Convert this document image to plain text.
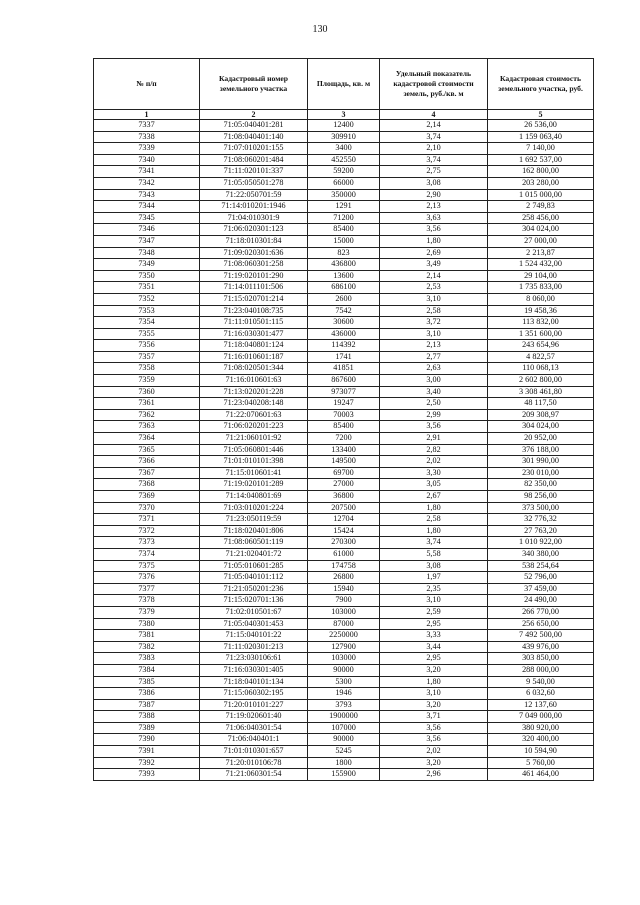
130
№ п/п	Кадастровый номер земельного участка	Площадь, кв. м	Удельный показатель кадастровой стоимости земель, руб./кв. м	Кадастровая стоимость земельного участка, руб.
1	2	3	4	5
7337	71:05:040401:281	12400	2,14	26 536,00
7338	71:08:040401:140	309910	3,74	1 159 063,40
7339	71:07:010201:155	3400	2,10	7 140,00
7340	71:08:060201:484	452550	3,74	1 692 537,00
7341	71:11:020101:337	59200	2,75	162 800,00
7342	71:05:050501:278	66000	3,08	203 280,00
7343	71:22:050701:59	350000	2,90	1 015 000,00
7344	71:14:010201:1946	1291	2,13	2 749,83
7345	71:04:010301:9	71200	3,63	258 456,00
7346	71:06:020301:123	85400	3,56	304 024,00
7347	71:18:010301:84	15000	1,80	27 000,00
7348	71:09:020301:636	823	2,69	2 213,87
7349	71:08:060301:258	436800	3,49	1 524 432,00
7350	71:19:020101:290	13600	2,14	29 104,00
7351	71:14:011101:506	686100	2,53	1 735 833,00
7352	71:15:020701:214	2600	3,10	8 060,00
7353	71:23:040108:735	7542	2,58	19 458,36
7354	71:11:010501:115	30600	3,72	113 832,00
7355	71:16:030301:477	436000	3,10	1 351 600,00
7356	71:18:040801:124	114392	2,13	243 654,96
7357	71:16:010601:187	1741	2,77	4 822,57
7358	71:08:020501:344	41851	2,63	110 068,13
7359	71:16:010601:63	867600	3,00	2 602 800,00
7360	71:13:020201:228	973077	3,40	3 308 461,80
7361	71:23:040208:148	19247	2,50	48 117,50
7362	71:22:070601:63	70003	2,99	209 308,97
7363	71:06:020201:223	85400	3,56	304 024,00
7364	71:21:060101:92	7200	2,91	20 952,00
7365	71:05:060801:446	133400	2,82	376 188,00
7366	71:01:010101:398	149500	2,02	301 990,00
7367	71:15:010601:41	69700	3,30	230 010,00
7368	71:19:020101:289	27000	3,05	82 350,00
7369	71:14:040801:69	36800	2,67	98 256,00
7370	71:03:010201:224	207500	1,80	373 500,00
7371	71:23:050119:59	12704	2,58	32 776,32
7372	71:18:020401:806	15424	1,80	27 763,20
7373	71:08:060501:119	270300	3,74	1 010 922,00
7374	71:21:020401:72	61000	5,58	340 380,00
7375	71:05:010601:285	174758	3,08	538 254,64
7376	71:05:040101:112	26800	1,97	52 796,00
7377	71:21:050201:236	15940	2,35	37 459,00
7378	71:15:020701:136	7900	3,10	24 490,00
7379	71:02:010501:67	103000	2,59	266 770,00
7380	71:05:040301:453	87000	2,95	256 650,00
7381	71:15:040101:22	2250000	3,33	7 492 500,00
7382	71:11:020301:213	127900	3,44	439 976,00
7383	71:23:030106:61	103000	2,95	303 850,00
7384	71:16:030301:405	90000	3,20	288 000,00
7385	71:18:040101:134	5300	1,80	9 540,00
7386	71:15:060302:195	1946	3,10	6 032,60
7387	71:20:010101:227	3793	3,20	12 137,60
7388	71:19:020601:40	1900000	3,71	7 049 000,00
7389	71:06:040301:54	107000	3,56	380 920,00
7390	71:06:040401:1	90000	3,56	320 400,00
7391	71:01:010301:657	5245	2,02	10 594,90
7392	71:20:010106:78	1800	3,20	5 760,00
7393	71:21:060301:54	155900	2,96	461 464,00
